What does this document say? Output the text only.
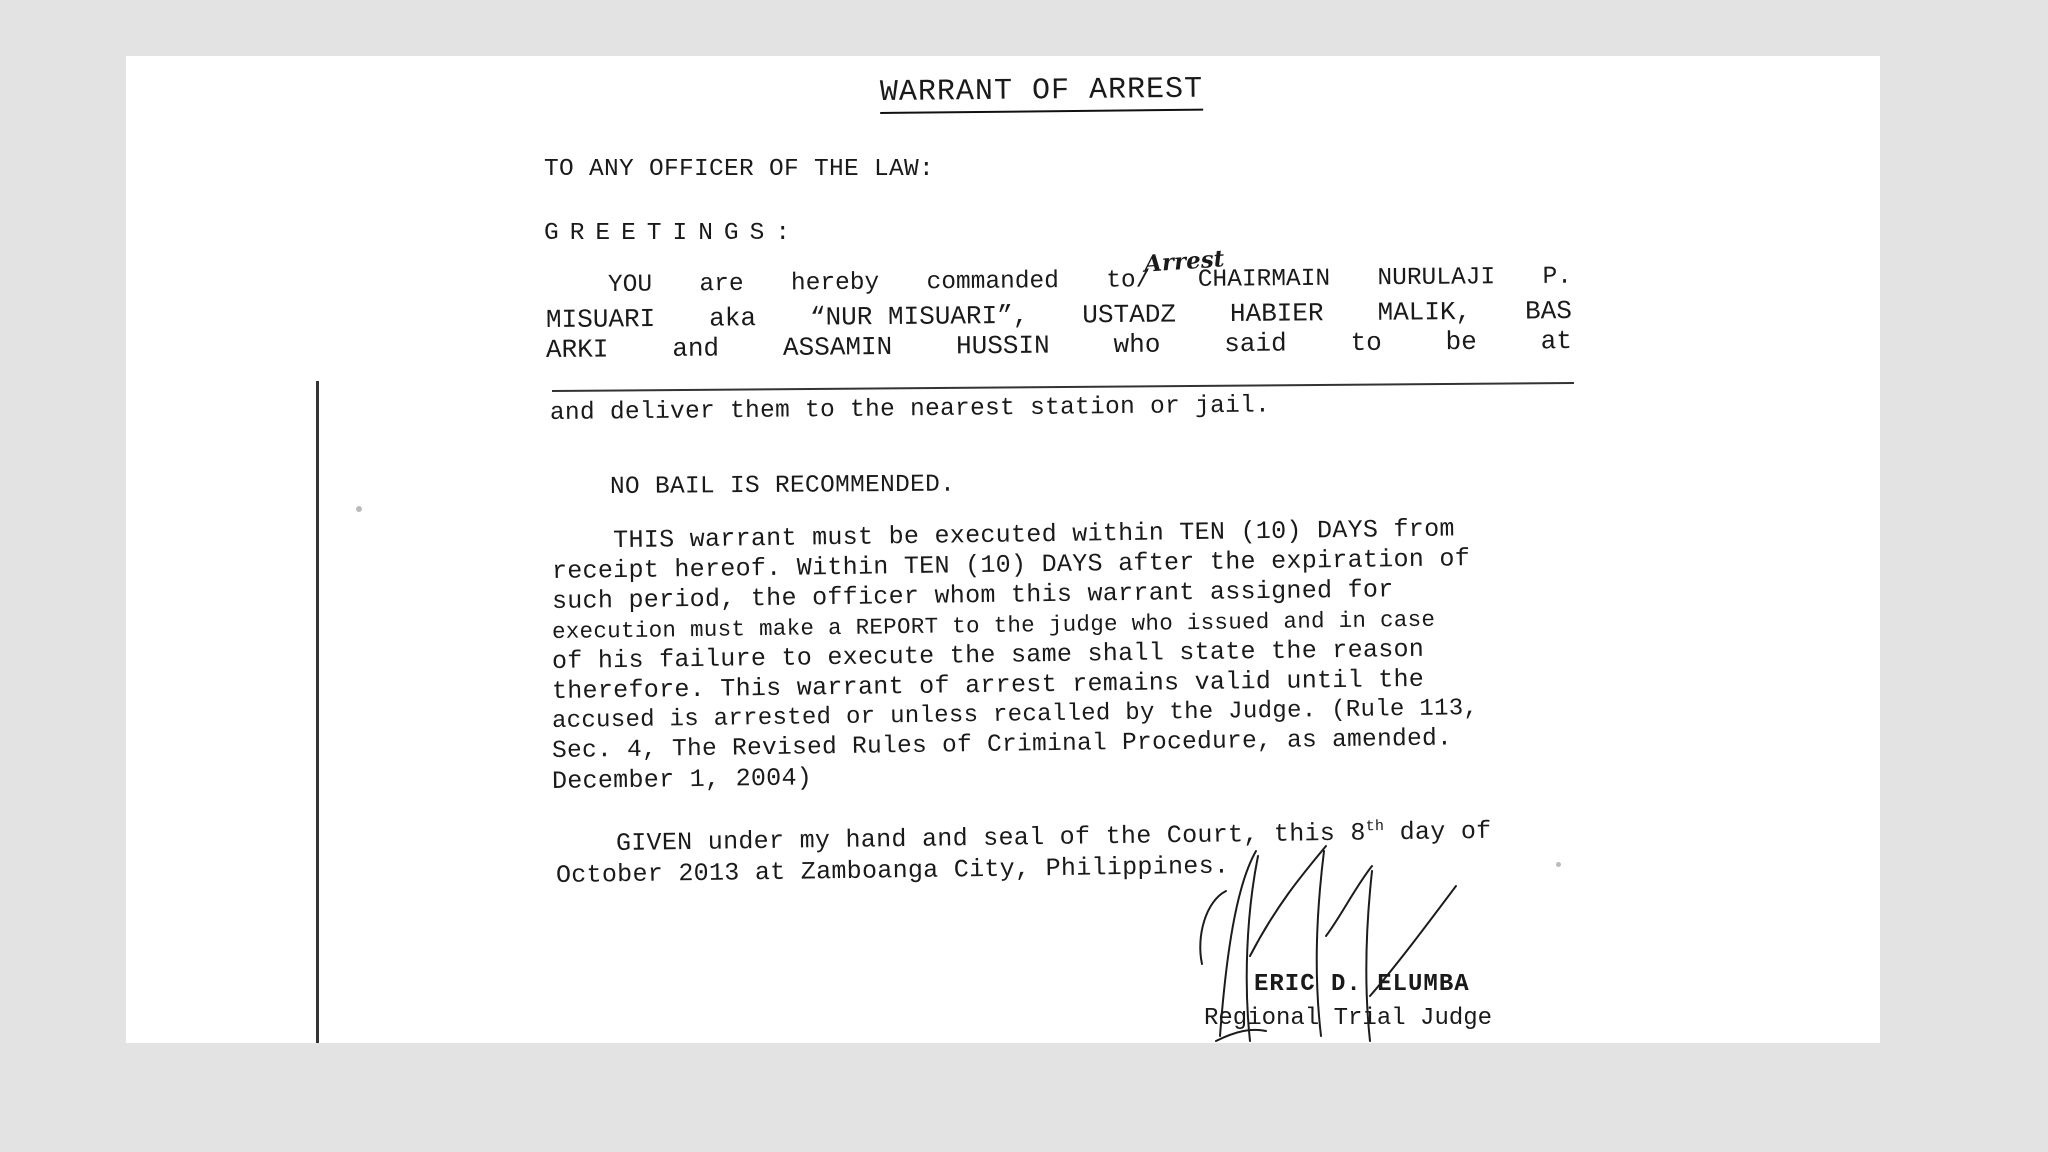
WARRANT OF ARREST
TO ANY OFFICER OF THE LAW:
GREETINGS:
Arrest
YOU are hereby commanded to/ CHAIRMAIN NURULAJI P.
MISUARI aka “NUR MISUARI”, USTADZ HABIER MALIK, BAS
ARKI and ASSAMIN HUSSIN who said to be at
and deliver them to the nearest station or jail.
NO BAIL IS RECOMMENDED.
THIS warrant must be executed within TEN (10) DAYS from
receipt hereof. Within TEN (10) DAYS after the expiration of
such period, the officer whom this warrant assigned for
execution must make a REPORT to the judge who issued and in case
of his failure to execute the same shall state the reason
therefore. This warrant of arrest remains valid until the
accused is arrested or unless recalled by the Judge. (Rule 113,
Sec. 4, The Revised Rules of Criminal Procedure, as amended.
December 1, 2004)
GIVEN under my hand and seal of the Court, this 8th day of
October 2013 at Zamboanga City, Philippines.
ERIC D. ELUMBA
Regional Trial Judge
